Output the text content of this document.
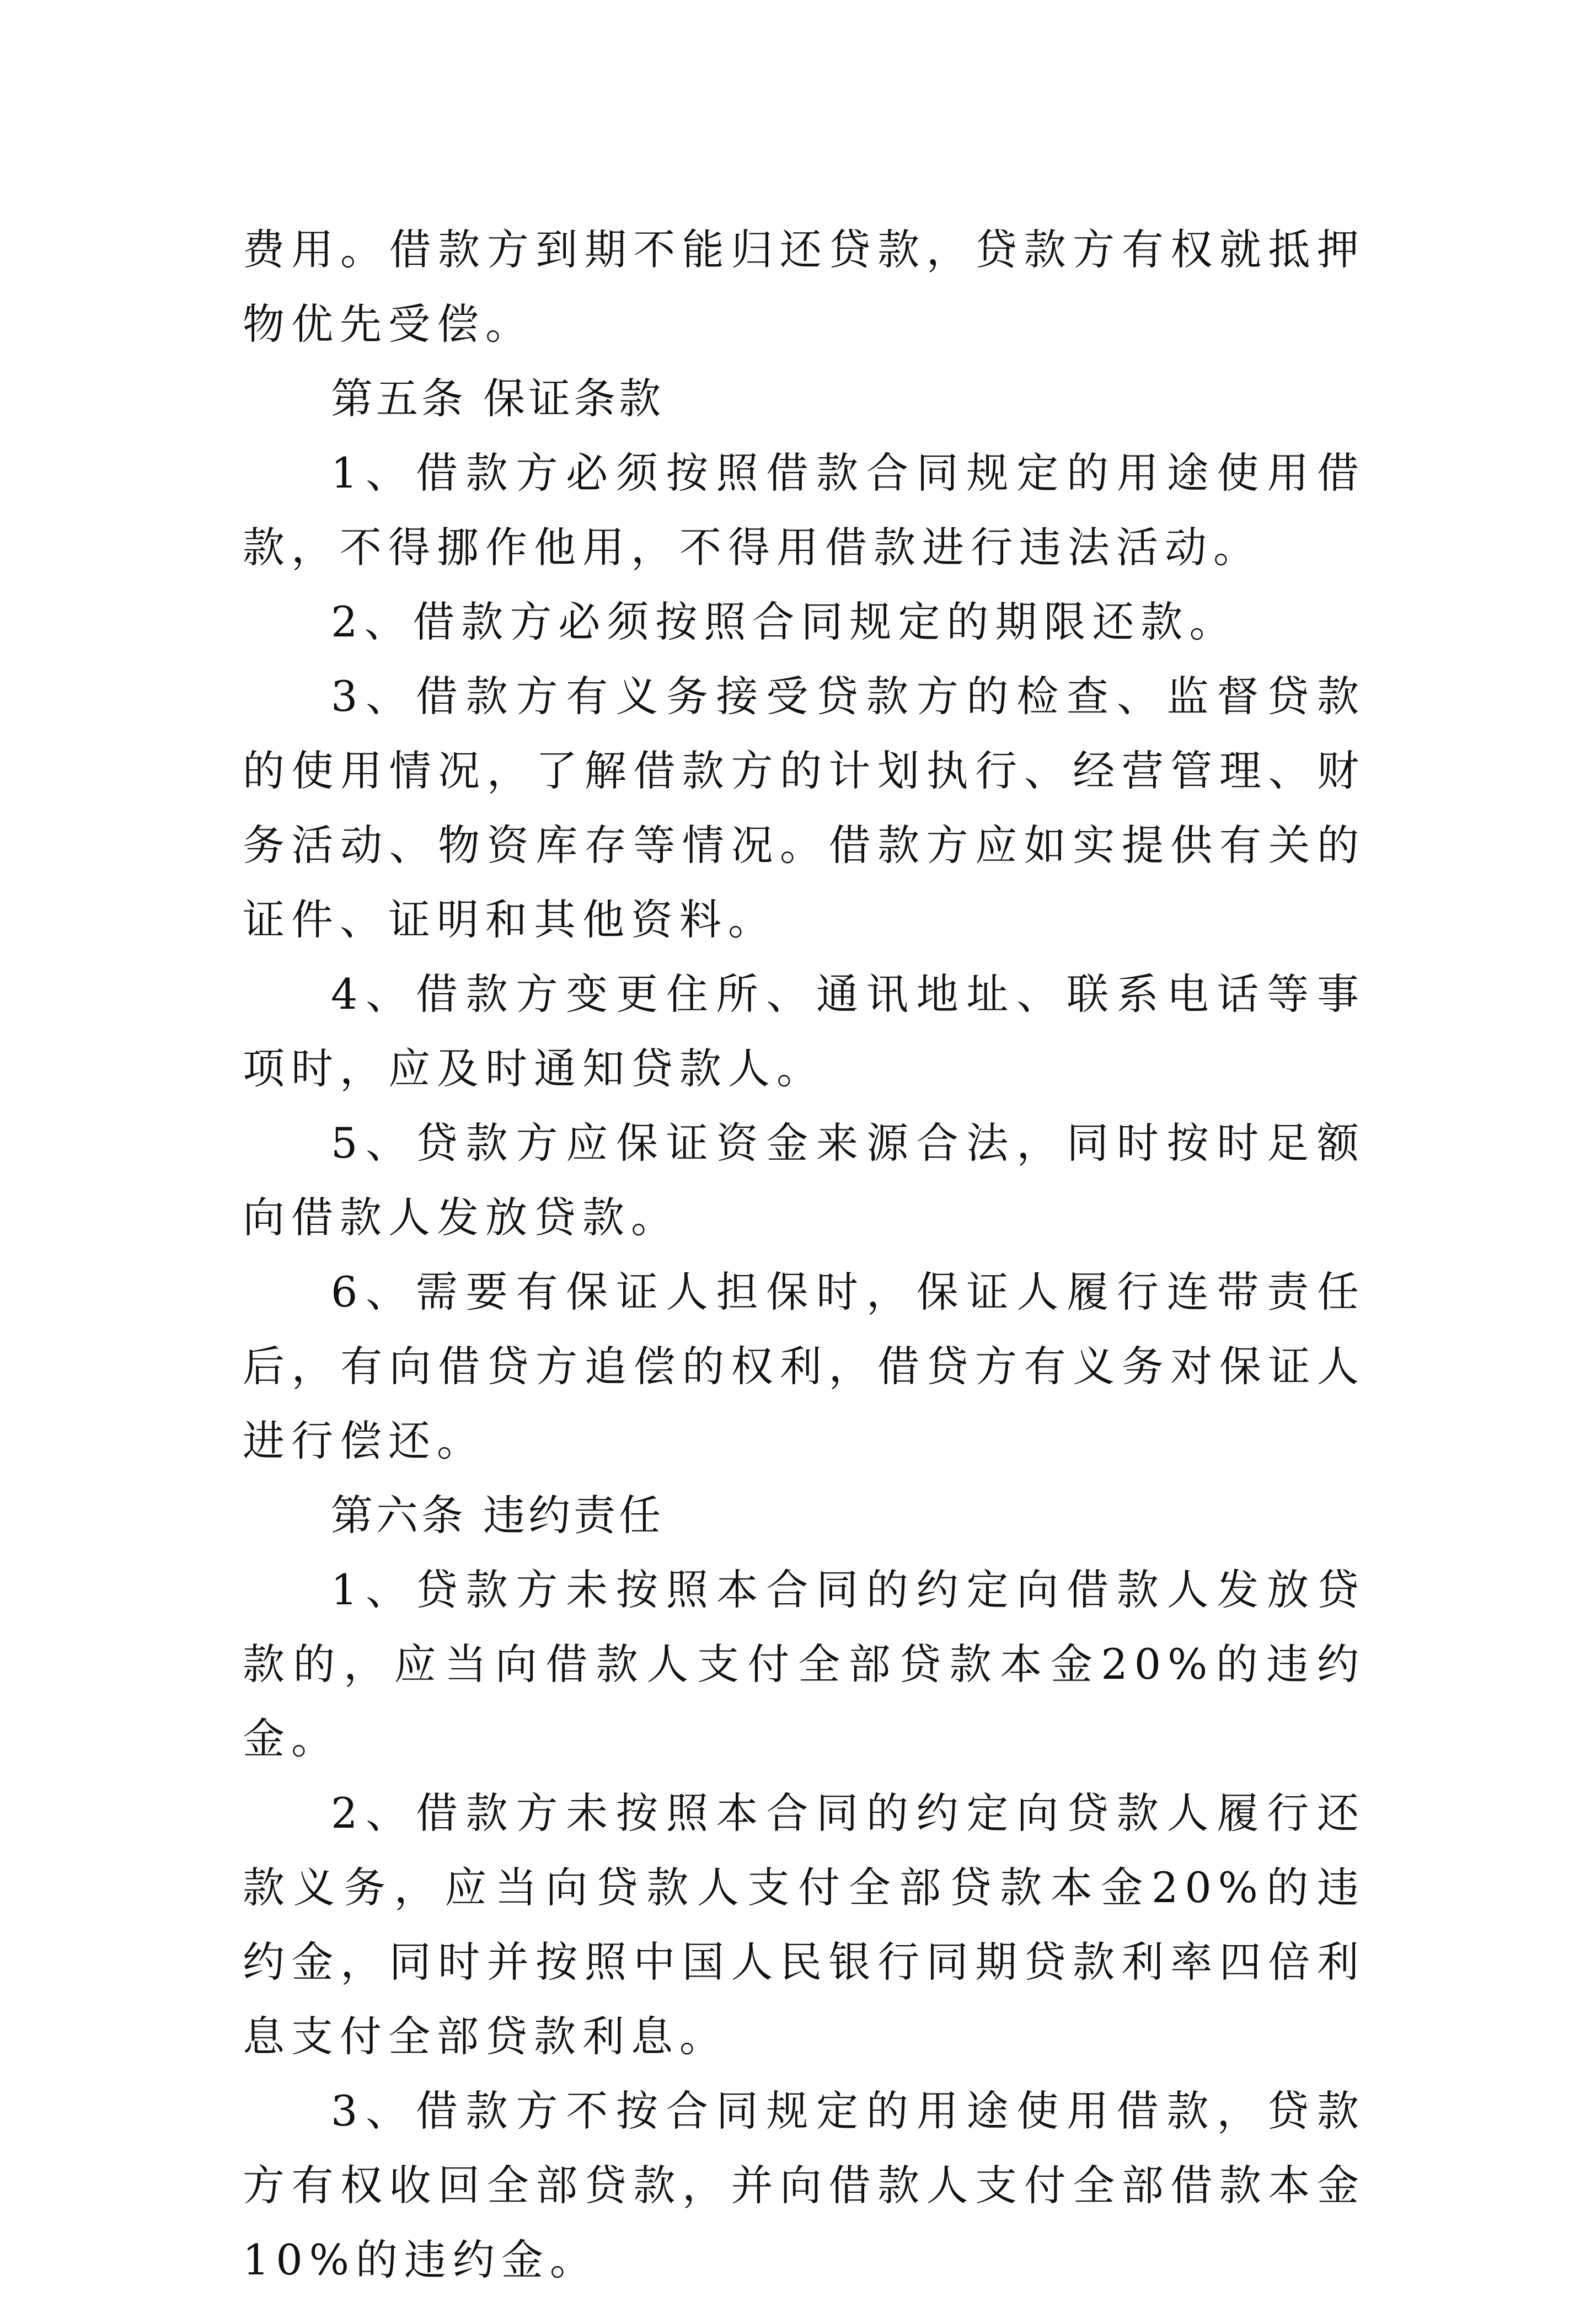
费用。借款方到期不能归还贷款，贷款方有权就抵押物优先受偿。

第五条 保证条款

1、借款方必须按照借款合同规定的用途使用借款，不得挪作他用，不得用借款进行违法活动。

2、借款方必须按照合同规定的期限还款。

3、借款方有义务接受贷款方的检查、监督贷款的使用情况，了解借款方的计划执行、经营管理、财务活动、物资库存等情况。借款方应如实提供有关的证件、证明和其他资料。

4、借款方变更住所、通讯地址、联系电话等事项时，应及时通知贷款人。

5、贷款方应保证资金来源合法，同时按时足额向借款人发放贷款。

6、需要有保证人担保时，保证人履行连带责任后，有向借贷方追偿的权利，借贷方有义务对保证人进行偿还。

第六条 违约责任

1、贷款方未按照本合同的约定向借款人发放贷款的，应当向借款人支付全部贷款本金20%的违约金。

2、借款方未按照本合同的约定向贷款人履行还款义务，应当向贷款人支付全部贷款本金20%的违约金，同时并按照中国人民银行同期贷款利率四倍利息支付全部贷款利息。

3、借款方不按合同规定的用途使用借款，贷款方有权收回全部贷款，并向借款人支付全部借款本金10%的违约金。
